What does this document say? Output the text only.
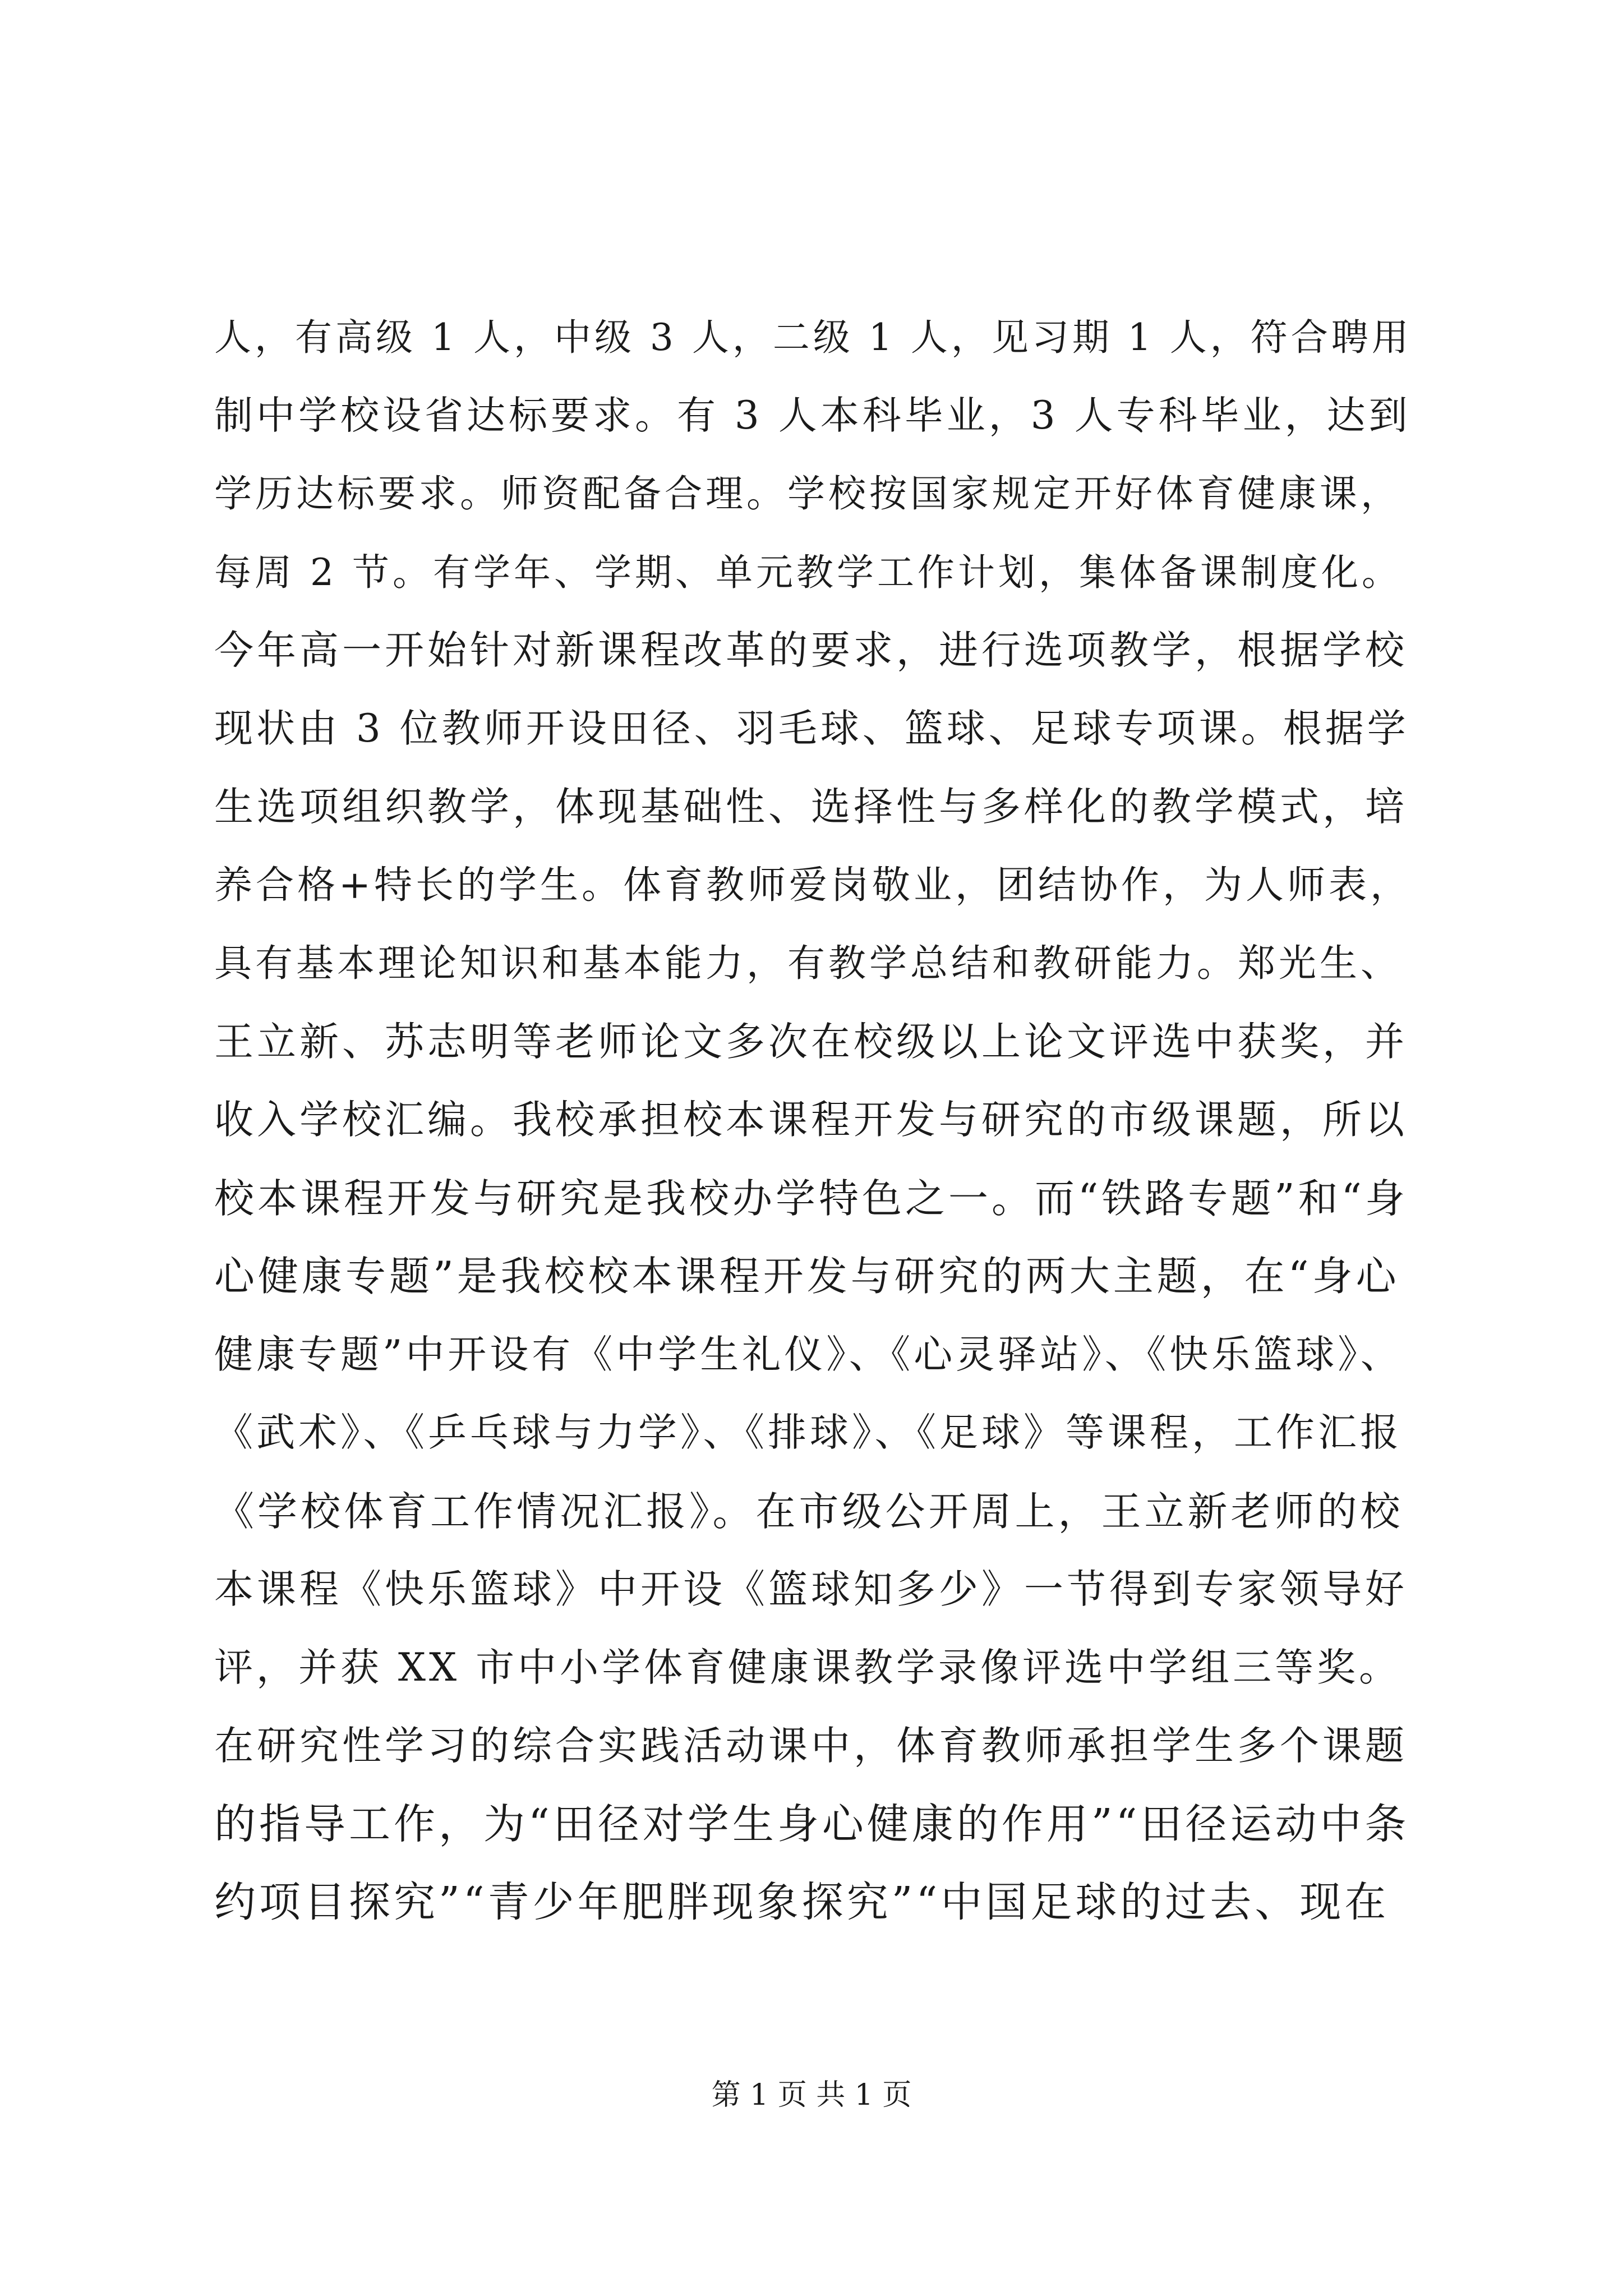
人，有高级 1 人，中级 3 人，二级 1 人，见习期 1 人，符合聘用
制中学校设省达标要求。有 3 人本科毕业，3 人专科毕业，达到
学历达标要求。师资配备合理。学校按国家规定开好体育健康课，
每周 2 节。有学年、学期、单元教学工作计划，集体备课制度化。
今年高一开始针对新课程改革的要求，进行选项教学，根据学校
现状由 3 位教师开设田径、羽毛球、篮球、足球专项课。根据学
生选项组织教学，体现基础性、选择性与多样化的教学模式，培
养合格+特长的学生。体育教师爱岗敬业，团结协作，为人师表，
具有基本理论知识和基本能力，有教学总结和教研能力。郑光生、
王立新、苏志明等老师论文多次在校级以上论文评选中获奖，并
收入学校汇编。我校承担校本课程开发与研究的市级课题，所以
校本课程开发与研究是我校办学特色之一。而“铁路专题”和“身
心健康专题”是我校校本课程开发与研究的两大主题，在“身心
健康专题”中开设有《中学生礼仪》、《心灵驿站》、《快乐篮球》、
《武术》、《乒乓球与力学》、《排球》、《足球》等课程，工作汇报
《学校体育工作情况汇报》。在市级公开周上，王立新老师的校
本课程《快乐篮球》中开设《篮球知多少》一节得到专家领导好
评，并获 XX 市中小学体育健康课教学录像评选中学组三等奖。
在研究性学习的综合实践活动课中，体育教师承担学生多个课题
的指导工作，为“田径对学生身心健康的作用”“田径运动中条
约项目探究”“青少年肥胖现象探究”“中国足球的过去、现在
第 1 页 共 1 页
